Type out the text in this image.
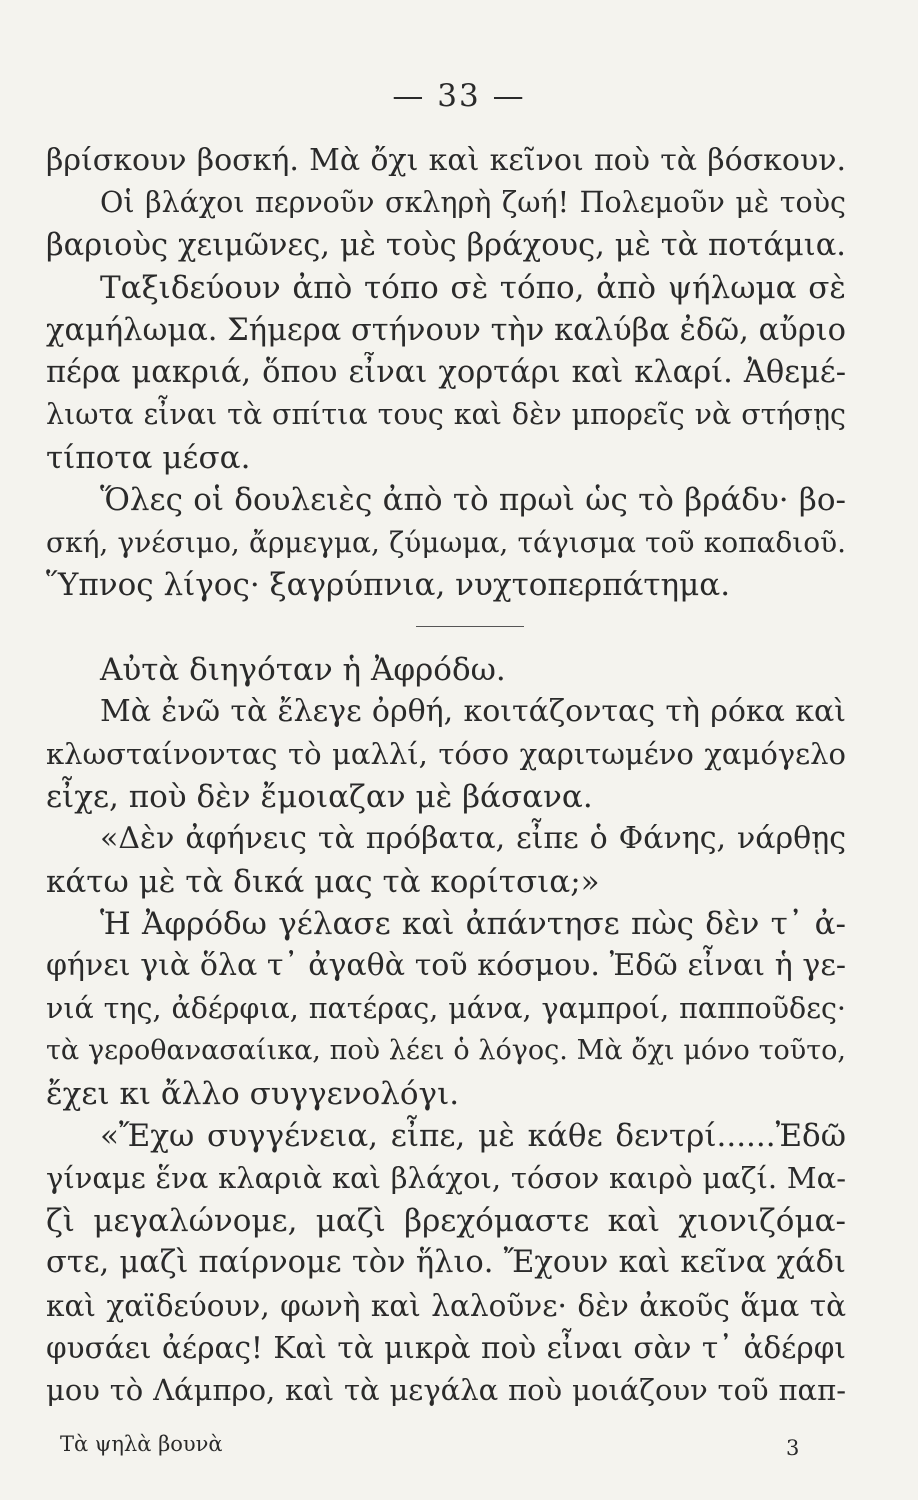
— 33 —
βρίσκουν βοσκή. Μὰ ὄχι καὶ κεῖνοι ποὺ τὰ βόσκουν.
Οἱ βλάχοι περνοῦν σκληρὴ ζωή! Πολεμοῦν μὲ τοὺς
βαριοὺς χειμῶνες, μὲ τοὺς βράχους, μὲ τὰ ποτάμια.
Ταξιδεύουν ἀπὸ τόπο σὲ τόπο, ἀπὸ ψήλωμα σὲ
χαμήλωμα. Σήμερα στήνουν τὴν καλύβα ἐδῶ, αὔριο
πέρα μακριά, ὅπου εἶναι χορτάρι καὶ κλαρί. Ἀθεμέ-
λιωτα εἶναι τὰ σπίτια τους καὶ δὲν μπορεῖς νὰ στήσῃς
τίποτα μέσα.
Ὅλες οἱ δουλειὲς ἀπὸ τὸ πρωὶ ὡς τὸ βράδυ· βο-
σκή, γνέσιμο, ἄρμεγμα, ζύμωμα, τάγισμα τοῦ κοπαδιοῦ.
Ὕπνος λίγος· ξαγρύπνια, νυχτοπερπάτημα.
Αὐτὰ διηγόταν ἡ Ἀφρόδω.
Μὰ ἐνῶ τὰ ἔλεγε ὀρθή, κοιτάζοντας τὴ ρόκα καὶ
κλωσταίνοντας τὸ μαλλί, τόσο χαριτωμένο χαμόγελο
εἶχε, ποὺ δὲν ἔμοιαζαν μὲ βάσανα.
«Δὲν ἀφήνεις τὰ πρόβατα, εἶπε ὁ Φάνης, νάρθῃς
κάτω μὲ τὰ δικά μας τὰ κορίτσια;»
Ἡ Ἀφρόδω γέλασε καὶ ἀπάντησε πὼς δὲν τ᾿ ἀ-
φήνει γιὰ ὅλα τ᾿ ἀγαθὰ τοῦ κόσμου. Ἐδῶ εἶναι ἡ γε-
νιά της, ἀδέρφια, πατέρας, μάνα, γαμπροί, παπποῦδες·
τὰ γεροθανασαίικα, ποὺ λέει ὁ λόγος. Μὰ ὄχι μόνο τοῦτο,
ἔχει κι ἄλλο συγγενολόγι.
«Ἔχω συγγένεια, εἶπε, μὲ κάθε δεντρί......Ἐδῶ
γίναμε ἕνα κλαριὰ καὶ βλάχοι, τόσον καιρὸ μαζί. Μα-
ζὶ μεγαλώνομε, μαζὶ βρεχόμαστε καὶ χιονιζόμα-
στε, μαζὶ παίρνομε τὸν ἥλιο. Ἔχουν καὶ κεῖνα χάδι
καὶ χαϊδεύουν, φωνὴ καὶ λαλοῦνε· δὲν ἀκοῦς ἅμα τὰ
φυσάει ἀέρας! Καὶ τὰ μικρὰ ποὺ εἶναι σὰν τ᾿ ἀδέρφι
μου τὸ Λάμπρο, καὶ τὰ μεγάλα ποὺ μοιάζουν τοῦ παπ-
Τὰ ψηλὰ βουνὰ	3
